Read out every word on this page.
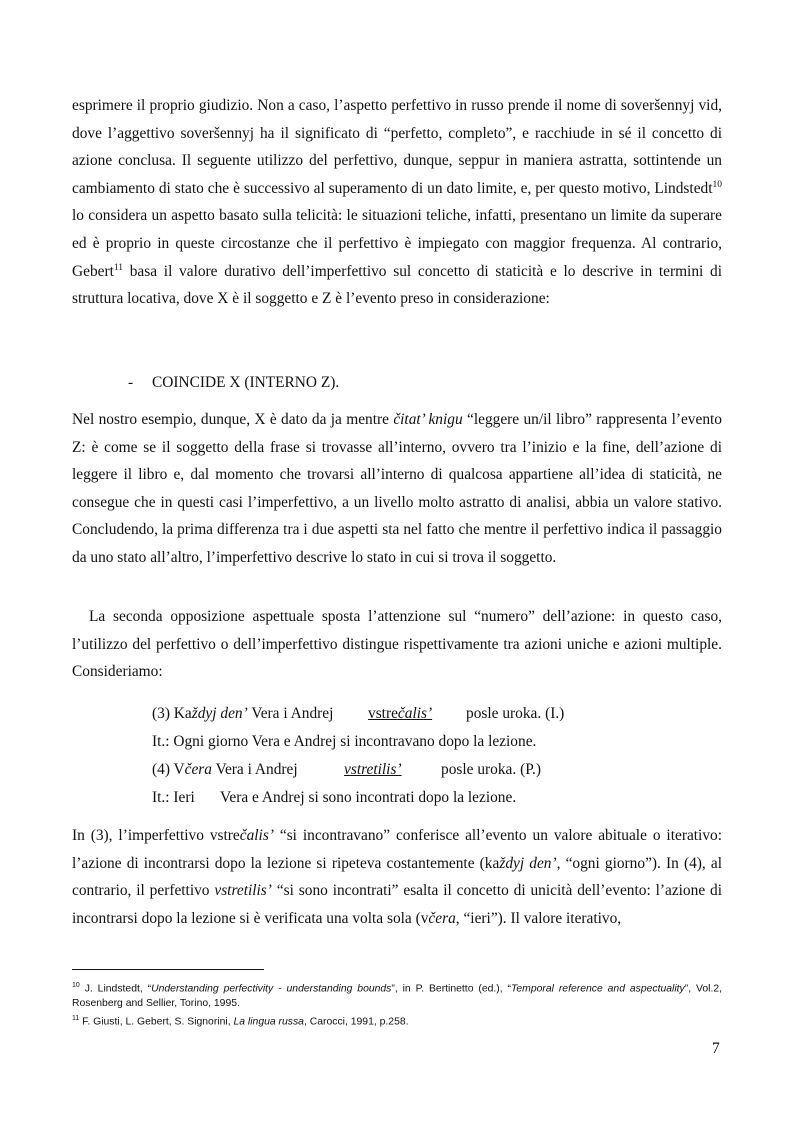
esprimere il proprio giudizio. Non a caso, l’aspetto perfettivo in russo prende il nome di soveršennyj vid, dove l’aggettivo soveršennyj ha il significato di “perfetto, completo”, e racchiude in sé il concetto di azione conclusa. Il seguente utilizzo del perfettivo, dunque, seppur in maniera astratta, sottintende un cambiamento di stato che è successivo al superamento di un dato limite, e, per questo motivo, Lindstedt$^{10}$ lo considera un aspetto basato sulla telicità: le situazioni teliche, infatti, presentano un limite da superare ed è proprio in queste circostanze che il perfettivo è impiegato con maggior frequenza. Al contrario, Gebert$^{11}$ basa il valore durativo dell’imperfettivo sul concetto di staticità e lo descrive in termini di struttura locativa, dove X è il soggetto e Z è l’evento preso in considerazione:

- COINCIDE X (INTERNO Z).

Nel nostro esempio, dunque, X è dato da ja mentre čitat’ knigu “leggere un/il libro” rappresenta l’evento Z: è come se il soggetto della frase si trovasse all’interno, ovvero tra l’inizio e la fine, dell’azione di leggere il libro e, dal momento che trovarsi all’interno di qualcosa appartiene all’idea di staticità, ne consegue che in questi casi l’imperfettivo, a un livello molto astratto di analisi, abbia un valore stativo. Concludendo, la prima differenza tra i due aspetti sta nel fatto che mentre il perfettivo indica il passaggio da uno stato all’altro, l’imperfettivo descrive lo stato in cui si trova il soggetto.

La seconda opposizione aspettuale sposta l’attenzione sul “numero” dell’azione: in questo caso, l’utilizzo del perfettivo o dell’imperfettivo distingue rispettivamente tra azioni uniche e azioni multiple. Consideriamo:

(3) Každyj den’ Vera i Andrej vstrečalis’ posle uroka. (I.)
It.: Ogni giorno Vera e Andrej si incontravano dopo la lezione.
(4) Včera Vera i Andrej	vstretilis’	posle uroka. (P.)
It.: Ieri Vera e Andrej si sono incontrati dopo la lezione.

In (3), l’imperfettivo vstrečalis’ “si incontravano” conferisce all’evento un valore abituale o iterativo: l’azione di incontrarsi dopo la lezione si ripeteva costantemente (každyj den’, “ogni giorno”). In (4), al contrario, il perfettivo vstretilis’ “si sono incontrati” esalta il concetto di unicità dell’evento: l’azione di incontrarsi dopo la lezione si è verificata una volta sola (včera, “ieri”). Il valore iterativo,

$^{10}$ J. Lindstedt, “Understanding perfectivity - understanding bounds”, in P. Bertinetto (ed.), “Temporal reference and aspectuality”, Vol.2, Rosenberg and Sellier, Torino, 1995.
$^{11}$ F. Giusti, L. Gebert, S. Signorini, La lingua russa, Carocci, 1991, p.258.
7
